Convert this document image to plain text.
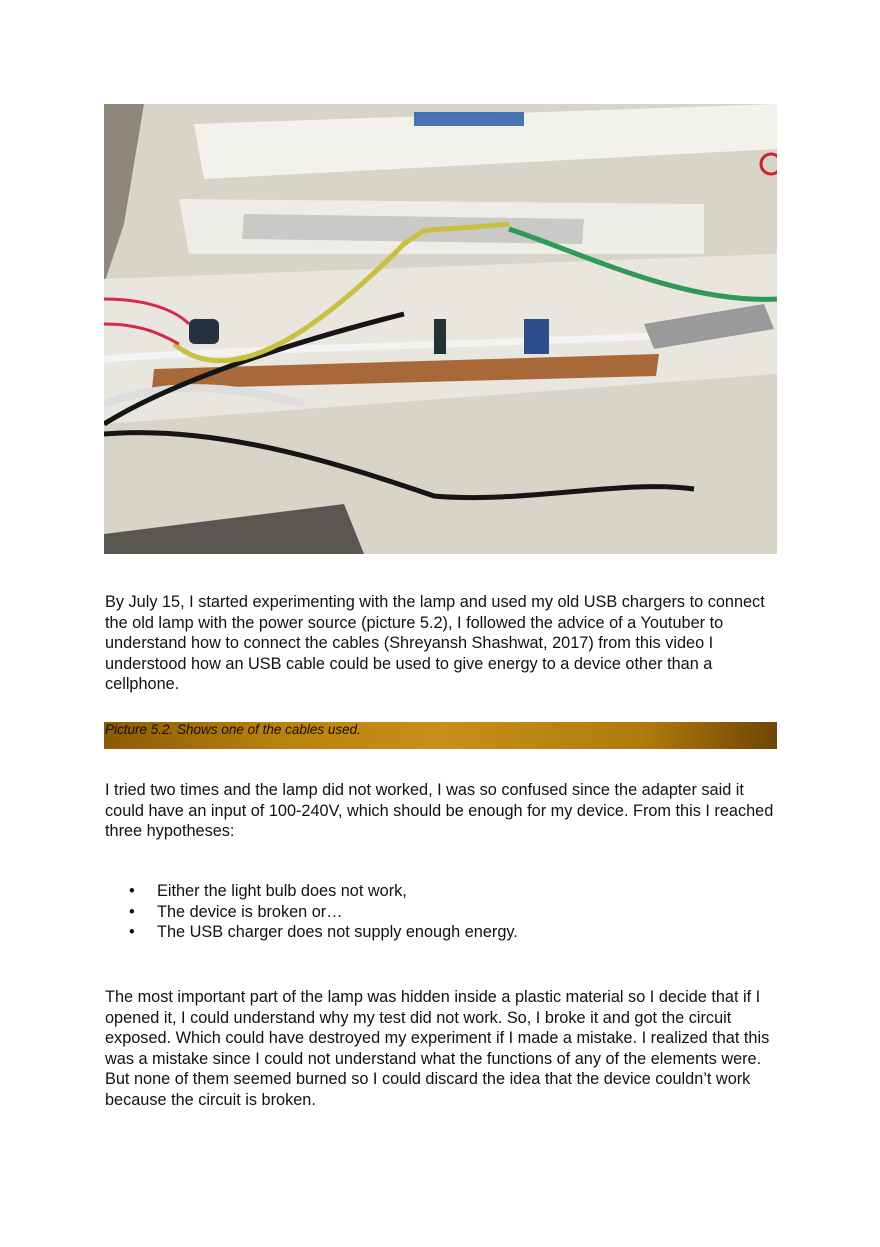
By July 15, I started experimenting with the lamp and used my old USB chargers to connect the old lamp with the power source (picture 5.2), I followed the advice of a Youtuber to understand how to connect the cables (Shreyansh Shashwat, 2017) from this video I understood how an USB cable could be used to give energy to a device other than a cellphone.

Picture 5.2. Shows one of the cables used.

I tried two times and the lamp did not worked, I was so confused since the adapter said it could have an input of 100-240V, which should be enough for my device. From this I reached three hypotheses:

• Either the light bulb does not work,
• The device is broken or…
• The USB charger does not supply enough energy.

The most important part of the lamp was hidden inside a plastic material so I decide that if I opened it, I could understand why my test did not work. So, I broke it and got the circuit exposed. Which could have destroyed my experiment if I made a mistake. I realized that this was a mistake since I could not understand what the functions of any of the elements were. But none of them seemed burned so I could discard the idea that the device couldn’t work because the circuit is broken.
